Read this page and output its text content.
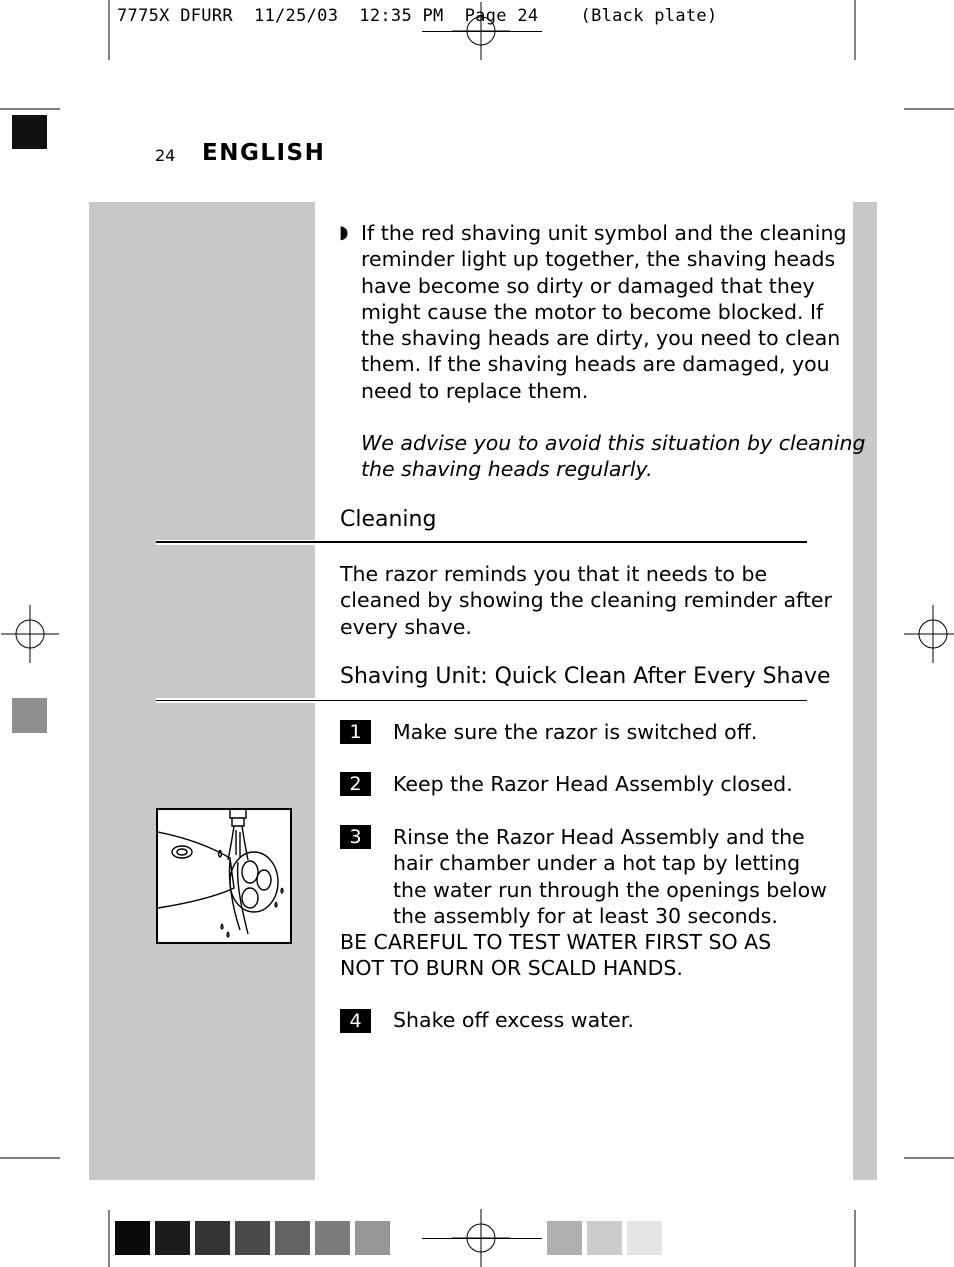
7775X DFURR  11/25/03  12:35 PM  Page 24    (Black plate)
24 ENGLISH
◗ If the red shaving unit symbol and the cleaning
reminder light up together, the shaving heads
have become so dirty or damaged that they
might cause the motor to become blocked. If
the shaving heads are dirty, you need to clean
them. If the shaving heads are damaged, you
need to replace them.
We advise you to avoid this situation by cleaning
the shaving heads regularly.
Cleaning
The razor reminds you that it needs to be
cleaned by showing the cleaning reminder after
every shave.
Shaving Unit: Quick Clean After Every Shave
1	Make sure the razor is switched off.
2	Keep the Razor Head Assembly closed.
3	Rinse the Razor Head Assembly and the
hair chamber under a hot tap by letting
the water run through the openings below
the assembly for at least 30 seconds.
BE CAREFUL TO TEST WATER FIRST SO AS
NOT TO BURN OR SCALD HANDS.
4	Shake off excess water.
